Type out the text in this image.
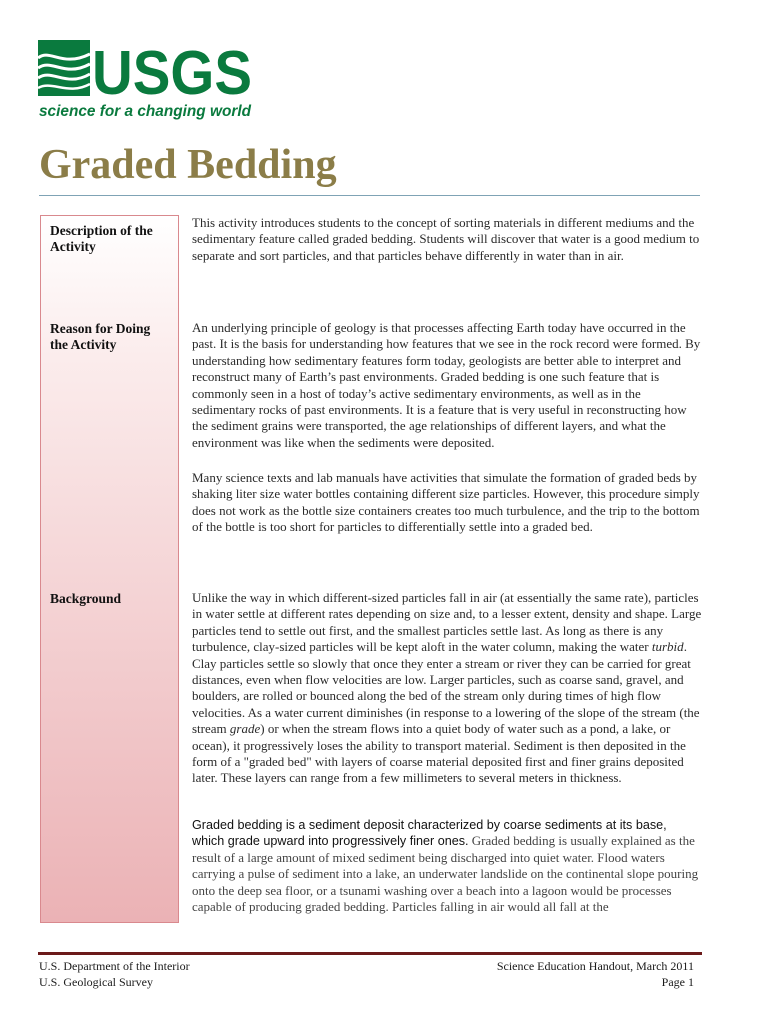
USGS
science for a changing world
Graded Bedding

Description of the Activity

Reason for Doing the Activity

Background

This activity introduces students to the concept of sorting materials in different mediums and the sedimentary feature called graded bedding. Students will discover that water is a good medium to separate and sort particles, and that particles behave differently in water than in air.

An underlying principle of geology is that processes affecting Earth today have occurred in the past. It is the basis for understanding how features that we see in the rock record were formed. By understanding how sedimentary features form today, geologists are better able to interpret and reconstruct many of Earth’s past environments. Graded bedding is one such feature that is commonly seen in a host of today’s active sedimentary environments, as well as in the sedimentary rocks of past environments. It is a feature that is very useful in reconstructing how the sediment grains were transported, the age relationships of different layers, and what the environment was like when the sediments were deposited.

Many science texts and lab manuals have activities that simulate the formation of graded beds by shaking liter size water bottles containing different size particles. However, this procedure simply does not work as the bottle size containers creates too much turbulence, and the trip to the bottom of the bottle is too short for particles to differentially settle into a graded bed.

Unlike the way in which different-sized particles fall in air (at essentially the same rate), particles in water settle at different rates depending on size and, to a lesser extent, density and shape. Large particles tend to settle out first, and the smallest particles settle last. As long as there is any turbulence, clay-sized particles will be kept aloft in the water column, making the water turbid. Clay particles settle so slowly that once they enter a stream or river they can be carried for great distances, even when flow velocities are low. Larger particles, such as coarse sand, gravel, and boulders, are rolled or bounced along the bed of the stream only during times of high flow velocities. As a water current diminishes (in response to a lowering of the slope of the stream (the stream grade) or when the stream flows into a quiet body of water such as a pond, a lake, or ocean), it progressively loses the ability to transport material. Sediment is then deposited in the form of a "graded bed" with layers of coarse material deposited first and finer grains deposited later. These layers can range from a few millimeters to several meters in thickness.

Graded bedding is a sediment deposit characterized by coarse sediments at its base, which grade upward into progressively finer ones. Graded bedding is usually explained as the result of a large amount of mixed sediment being discharged into quiet water. Flood waters carrying a pulse of sediment into a lake, an underwater landslide on the continental slope pouring onto the deep sea floor, or a tsunami washing over a beach into a lagoon would be processes capable of producing graded bedding. Particles falling in air would all fall at the

U.S. Department of the Interior
U.S. Geological Survey

Science Education Handout, March 2011
Page 1
